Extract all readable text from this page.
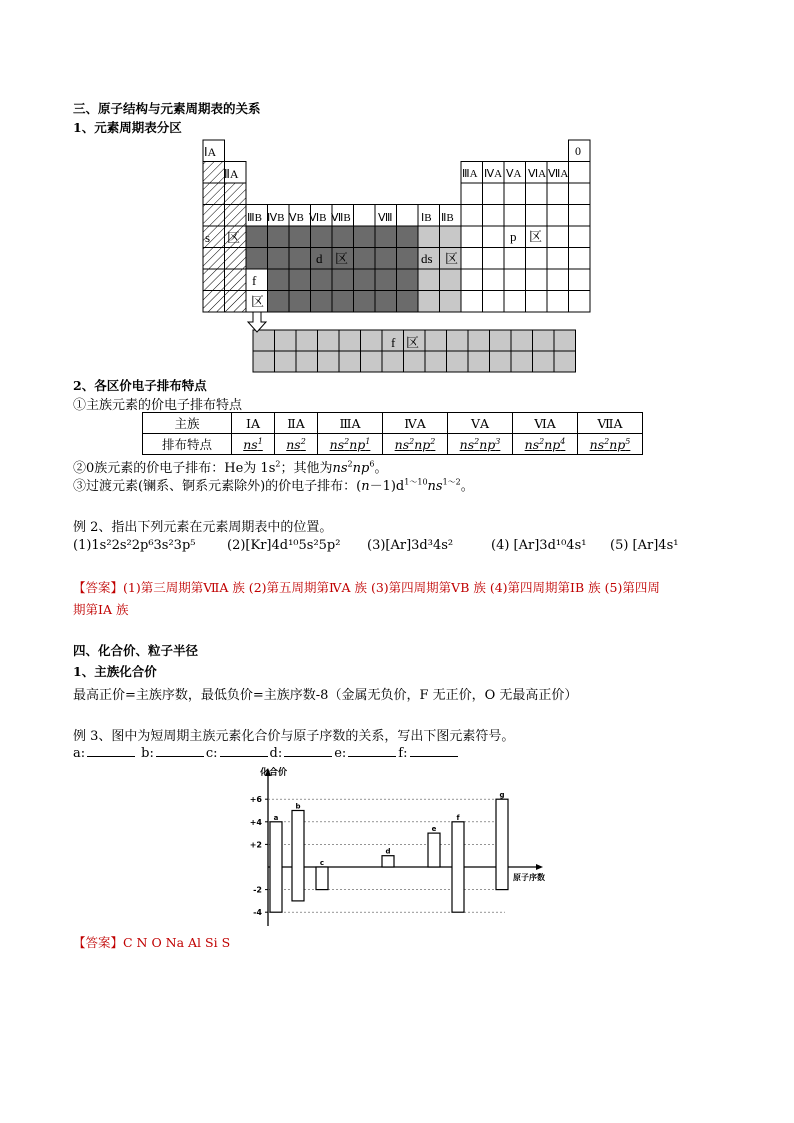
三、原子结构与元素周期表的关系
1、元素周期表分区
ⅠA
ⅡA	ⅢA ⅣA ⅤA ⅥA ⅦA
0
ⅢB ⅣB ⅤB ⅥB ⅦB Ⅷ	ⅠB ⅡB
s 区
d 区	ds 区
p 区
f
区
f 区
2、各区价电子排布特点
①主族元素的价电子排布特点
主族	ⅠA	ⅡA	ⅢA	ⅣA	ⅤA	ⅥA	ⅦA
排布特点	$ns^1$	$ns^2$	$ns^2np^1$	$ns^2np^2$	$ns^2np^3$	$ns^2np^4$	$ns^2np^5$
②0族元素的价电子排布：He为 $1s^2$；其他为$ns^2np^6$。
③过渡元素(镧系、锕系元素除外)的价电子排布：$(n-1)d^{1\sim 10}ns^{1\sim 2}$。
例 2、指出下列元素在元素周期表中的位置。
(1)1s²2s²2p⁶3s²3p⁵ (2)[Kr]4d¹⁰5s²5p² (3)[Ar]3d³4s²	(4) [Ar]3d¹⁰4s¹ (5) [Ar]4s¹
【答案】(1)第三周期第ⅦA 族 (2)第五周期第ⅣA 族 (3)第四周期第ⅤB 族 (4)第四周期第ⅠB 族 (5)第四周
期第ⅠA 族
四、化合价、粒子半径
1、主族化合价
最高正价=主族序数，最低负价=主族序数-8（金属无负价，F 无正价，O 无最高正价）
例 3、图中为短周期主族元素化合价与原子序数的关系，写出下图元素符号。
a:	b:	c:	d:	e:	f:
化合价
原子序数
+6
+4
+2
-2
-4
a
b
c
d
e
f
g
【答案】C N O Na Al Si S
